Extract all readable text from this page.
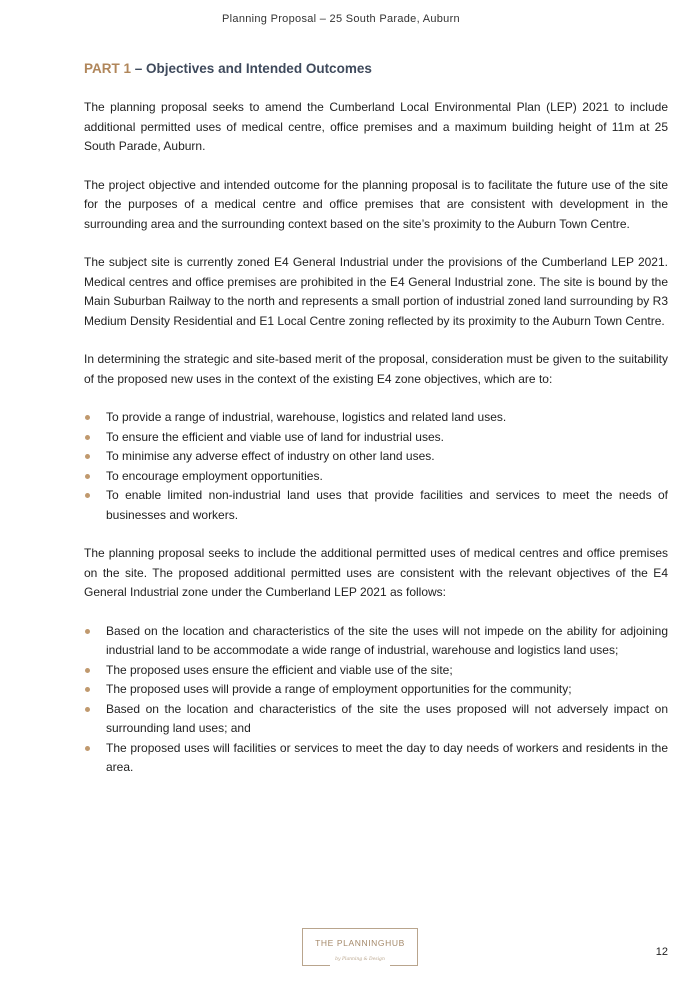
Planning Proposal – 25 South Parade, Auburn
PART 1 – Objectives and Intended Outcomes

The planning proposal seeks to amend the Cumberland Local Environmental Plan (LEP) 2021 to include additional permitted uses of medical centre, office premises and a maximum building height of 11m at 25 South Parade, Auburn.

The project objective and intended outcome for the planning proposal is to facilitate the future use of the site for the purposes of a medical centre and office premises that are consistent with development in the surrounding area and the surrounding context based on the site’s proximity to the Auburn Town Centre.

The subject site is currently zoned E4 General Industrial under the provisions of the Cumberland LEP 2021. Medical centres and office premises are prohibited in the E4 General Industrial zone. The site is bound by the Main Suburban Railway to the north and represents a small portion of industrial zoned land surrounding by R3 Medium Density Residential and E1 Local Centre zoning reflected by its proximity to the Auburn Town Centre.

In determining the strategic and site-based merit of the proposal, consideration must be given to the suitability of the proposed new uses in the context of the existing E4 zone objectives, which are to:

To provide a range of industrial, warehouse, logistics and related land uses.
To ensure the efficient and viable use of land for industrial uses.
To minimise any adverse effect of industry on other land uses.
To encourage employment opportunities.
To enable limited non-industrial land uses that provide facilities and services to meet the needs of businesses and workers.

The planning proposal seeks to include the additional permitted uses of medical centres and office premises on the site. The proposed additional permitted uses are consistent with the relevant objectives of the E4 General Industrial zone under the Cumberland LEP 2021 as follows:

Based on the location and characteristics of the site the uses will not impede on the ability for adjoining industrial land to be accommodate a wide range of industrial, warehouse and logistics land uses;
The proposed uses ensure the efficient and viable use of the site;
The proposed uses will provide a range of employment opportunities for the community;
Based on the location and characteristics of the site the uses proposed will not adversely impact on surrounding land uses; and
The proposed uses will facilities or services to meet the day to day needs of workers and residents in the area.
THE PLANNINGHUB
by Planning & Design
12
